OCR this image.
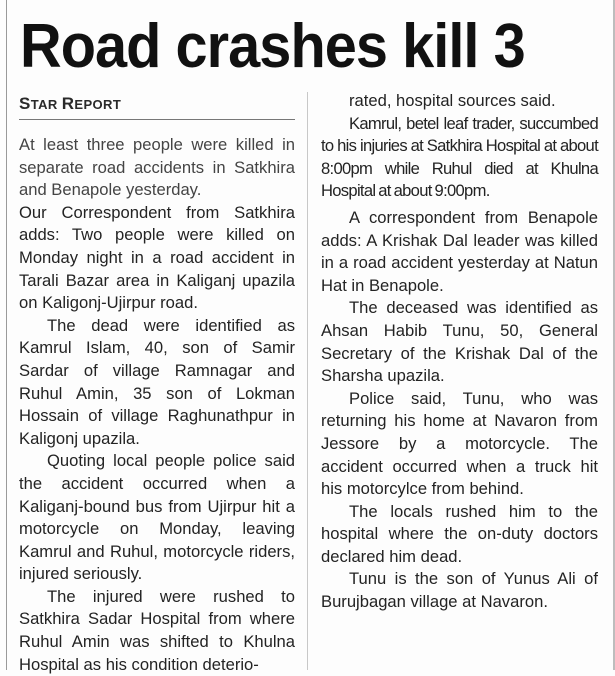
Road crashes kill 3
STAR REPORT

At least three people were killed in separate road accidents in Satkhira and Benapole yesterday.

Our Correspondent from Satkhira adds: Two people were killed on Monday night in a road accident in Tarali Bazar area in Kaliganj upazila on Kaligonj-Ujirpur road.

The dead were identified as Kamrul Islam, 40, son of Samir Sardar of village Ramnagar and Ruhul Amin, 35 son of Lokman Hossain of village Raghunathpur in Kaligonj upazila.

Quoting local people police said the accident occurred when a Kaliganj-bound bus from Ujirpur hit a motorcycle on Monday, leaving Kamrul and Ruhul, motorcycle riders, injured seriously.

The injured were rushed to Satkhira Sadar Hospital from where Ruhul Amin was shifted to Khulna Hospital as his condition deterio-

rated, hospital sources said.

Kamrul, betel leaf trader, succumbed to his injuries at Satkhira Hospital at about 8:00pm while Ruhul died at Khulna Hospital at about 9:00pm.

A correspondent from Benapole adds: A Krishak Dal leader was killed in a road accident yesterday at Natun Hat in Benapole.

The deceased was identified as Ahsan Habib Tunu, 50, General Secretary of the Krishak Dal of the Sharsha upazila.

Police said, Tunu, who was returning his home at Navaron from Jessore by a motorcycle. The accident occurred when a truck hit his motorcylce from behind.

The locals rushed him to the hospital where the on-duty doctors declared him dead.

Tunu is the son of Yunus Ali of Burujbagan village at Navaron.
